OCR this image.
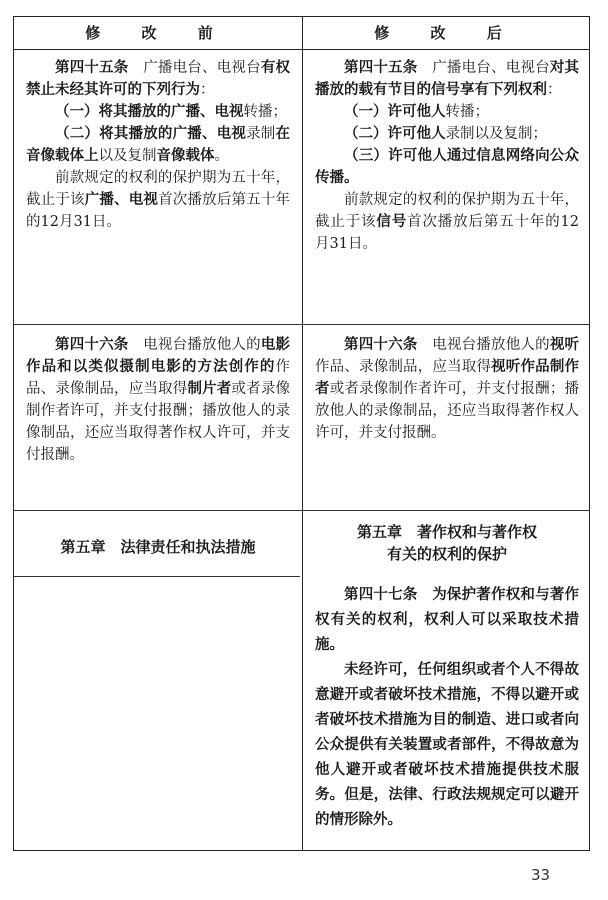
修 改 前	修 改 后

第四十五条　广播电台、电视台有权禁止未经其许可的下列行为：

（一）将其播放的广播、电视转播；

（二）将其播放的广播、电视录制在音像载体上以及复制音像载体。

前款规定的权利的保护期为五十年，截止于该广播、电视首次播放后第五十年的12月31日。

第四十五条　广播电台、电视台对其播放的载有节目的信号享有下列权利：

（一）许可他人转播；

（二）许可他人录制以及复制；

（三）许可他人通过信息网络向公众传播。

前款规定的权利的保护期为五十年，截止于该信号首次播放后第五十年的12月31日。

第四十六条　电视台播放他人的电影作品和以类似摄制电影的方法创作的作品、录像制品，应当取得制片者或者录像制作者许可，并支付报酬；播放他人的录像制品，还应当取得著作权人许可，并支付报酬。

第四十六条　电视台播放他人的视听作品、录像制品，应当取得视听作品制作者或者录像制作者许可，并支付报酬；播放他人的录像制品，还应当取得著作权人许可，并支付报酬。

第五章　法律责任和执法措施
第五章　著作权和与著作权
有关的权利的保护

第四十七条　为保护著作权和与著作权有关的权利，权利人可以采取技术措施。

未经许可，任何组织或者个人不得故意避开或者破坏技术措施，不得以避开或者破坏技术措施为目的制造、进口或者向公众提供有关装置或者部件，不得故意为他人避开或者破坏技术措施提供技术服务。但是，法律、行政法规规定可以避开的情形除外。

33
